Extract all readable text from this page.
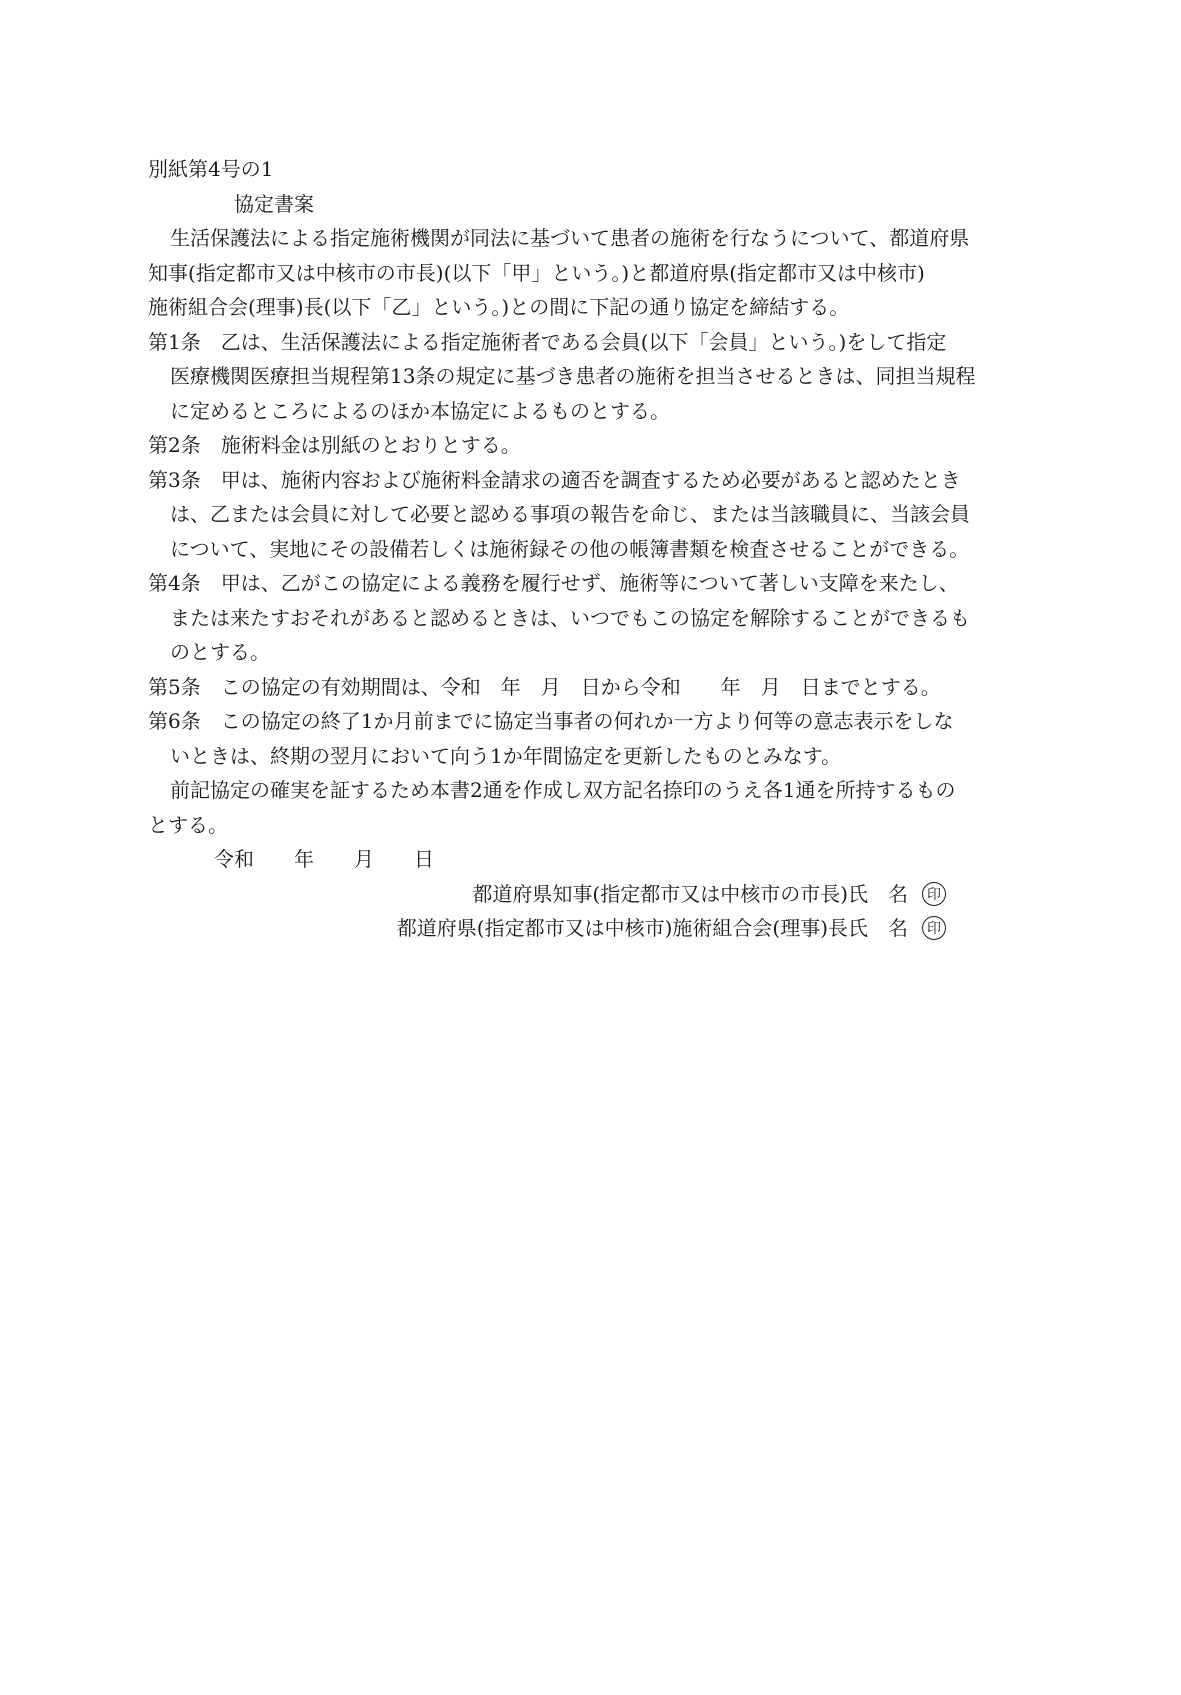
別紙第4号の1
協定書案
生活保護法による指定施術機関が同法に基づいて患者の施術を行なうについて、都道府県
知事(指定都市又は中核市の市長)(以下「甲」という。)と都道府県(指定都市又は中核市)
施術組合会(理事)長(以下「乙」という。)との間に下記の通り協定を締結する。
第1条　乙は、生活保護法による指定施術者である会員(以下「会員」という。)をして指定
医療機関医療担当規程第13条の規定に基づき患者の施術を担当させるときは、同担当規程
に定めるところによるのほか本協定によるものとする。
第2条　施術料金は別紙のとおりとする。
第3条　甲は、施術内容および施術料金請求の適否を調査するため必要があると認めたとき
は、乙または会員に対して必要と認める事項の報告を命じ、または当該職員に、当該会員
について、実地にその設備若しくは施術録その他の帳簿書類を検査させることができる。
第4条　甲は、乙がこの協定による義務を履行せず、施術等について著しい支障を来たし、
または来たすおそれがあると認めるときは、いつでもこの協定を解除することができるも
のとする。
第5条　この協定の有効期間は、令和　年　月　日から令和　　年　月　日までとする。
第6条　この協定の終了1か月前までに協定当事者の何れか一方より何等の意志表示をしな
いときは、終期の翌月において向う1か年間協定を更新したものとみなす。
前記協定の確実を証するため本書2通を作成し双方記名捺印のうえ各1通を所持するもの
とする。
令和　　年　　月　　日
都道府県知事(指定都市又は中核市の市長)氏　名	印
都道府県(指定都市又は中核市)施術組合会(理事)長氏　名	印
